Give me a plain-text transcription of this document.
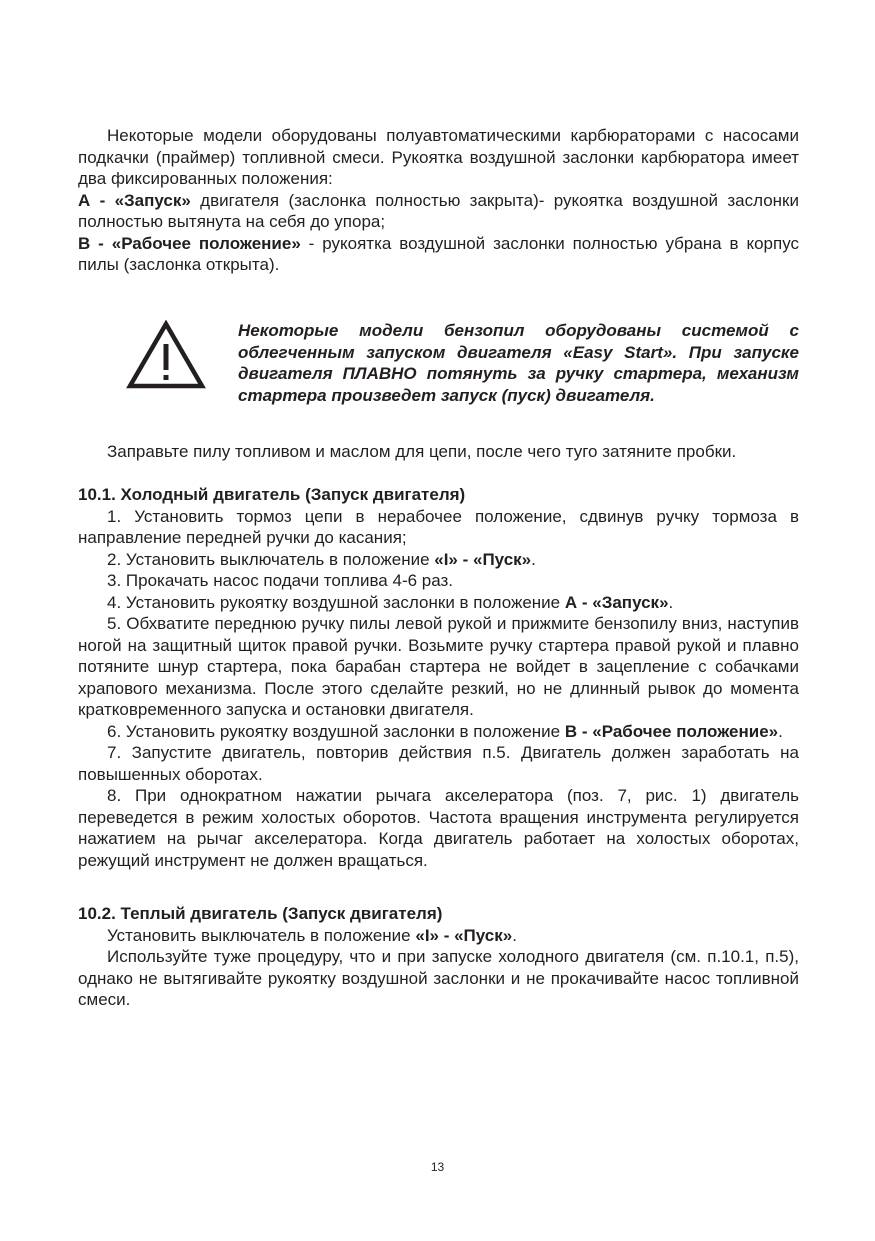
Некоторые модели оборудованы полуавтоматическими карбюраторами с насосами подкачки (праймер) топливной смеси. Рукоятка воздушной заслонки карбюратора имеет два фиксированных положения:

А - «Запуск» двигателя (заслонка полностью закрыта)- рукоятка воздушной заслонки полностью вытянута на себя до упора;

В - «Рабочее положение» - рукоятка воздушной заслонки полностью убрана в корпус пилы (заслонка открыта).

Некоторые модели бензопил оборудованы системой с облегченным запуском двигателя «Easy Start». При запуске двигателя ПЛАВНО потянуть за ручку стартера, механизм стартера произведет запуск (пуск) двигателя.

Заправьте пилу топливом и маслом для цепи, после чего туго затяните пробки.

10.1. Холодный двигатель (Запуск двигателя)

1. Установить тормоз цепи в нерабочее положение, сдвинув ручку тормоза в направление передней ручки до касания;

2. Установить выключатель в положение «I» - «Пуск».

3. Прокачать насос подачи топлива 4-6 раз.

4. Установить рукоятку воздушной заслонки в положение А - «Запуск».

5. Обхватите переднюю ручку пилы левой рукой и прижмите бензопилу вниз, наступив ногой на защитный щиток правой ручки. Возьмите ручку стартера правой рукой и плавно потяните шнур стартера, пока барабан стартера не войдет в зацепление с собачками храпового механизма. После этого сделайте резкий, но не длинный рывок до момента кратковременного запуска и остановки двигателя.

6. Установить рукоятку воздушной заслонки в положение В - «Рабочее положение».

7. Запустите двигатель, повторив действия п.5. Двигатель должен заработать на повышенных оборотах.

8. При однократном нажатии рычага акселератора (поз. 7, рис. 1) двигатель переведется в режим холостых оборотов. Частота вращения инструмента регулируется нажатием на рычаг акселератора. Когда двигатель работает на холостых оборотах, режущий инструмент не должен вращаться.

10.2. Теплый двигатель (Запуск двигателя)

Установить выключатель в положение «I» - «Пуск».

Используйте туже процедуру, что и при запуске холодного двигателя (см. п.10.1, п.5), однако не вытягивайте рукоятку воздушной заслонки и не прокачивайте насос топливной смеси.

13
